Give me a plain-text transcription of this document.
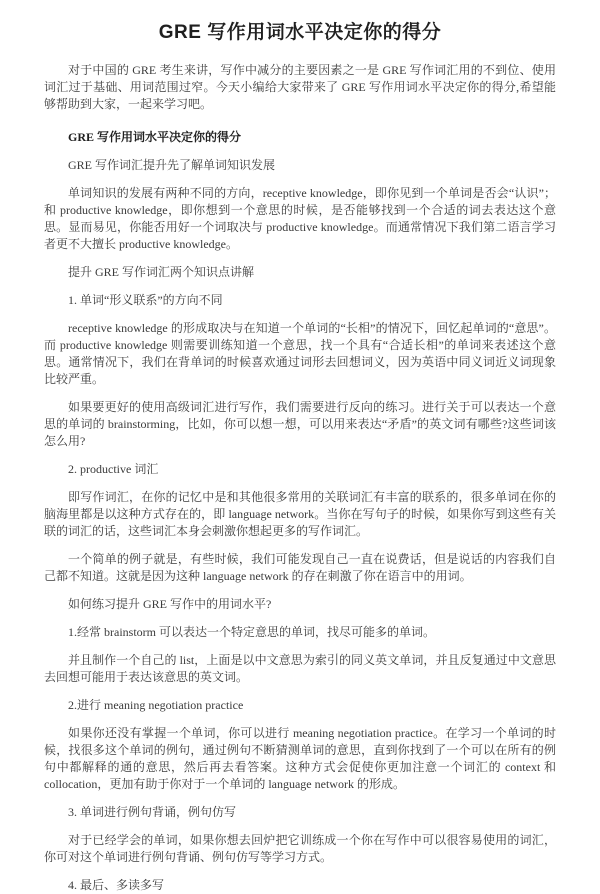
GRE 写作用词水平决定你的得分

对于中国的 GRE 考生来讲，写作中减分的主要因素之一是 GRE 写作词汇用的不到位、使用词汇过于基础、用词范围过窄。今天小编给大家带来了 GRE 写作用词水平决定你的得分,希望能够帮助到大家，一起来学习吧。

GRE 写作用词水平决定你的得分

GRE 写作词汇提升先了解单词知识发展

单词知识的发展有两种不同的方向，receptive knowledge，即你见到一个单词是否会“认识”；和 productive knowledge，即你想到一个意思的时候，是否能够找到一个合适的词去表达这个意思。显而易见，你能否用好一个词取决与 productive knowledge。而通常情况下我们第二语言学习者更不大擅长 productive knowledge。

提升 GRE 写作词汇两个知识点讲解

1. 单词“形义联系”的方向不同

receptive knowledge 的形成取决与在知道一个单词的“长相”的情况下，回忆起单词的“意思”。而 productive knowledge 则需要训练知道一个意思，找一个具有“合适长相”的单词来表述这个意思。通常情况下，我们在背单词的时候喜欢通过词形去回想词义，因为英语中同义词近义词现象比较严重。

如果要更好的使用高级词汇进行写作，我们需要进行反向的练习。进行关于可以表达一个意思的单词的 brainstorming，比如，你可以想一想，可以用来表达“矛盾”的英文词有哪些?这些词该怎么用?

2. productive 词汇

即写作词汇，在你的记忆中是和其他很多常用的关联词汇有丰富的联系的，很多单词在你的脑海里都是以这种方式存在的，即 language network。当你在写句子的时候，如果你写到这些有关联的词汇的话，这些词汇本身会刺激你想起更多的写作词汇。

一个简单的例子就是，有些时候，我们可能发现自己一直在说费话，但是说话的内容我们自己都不知道。这就是因为这种 language network 的存在刺激了你在语言中的用词。

如何练习提升 GRE 写作中的用词水平?

1.经常 brainstorm 可以表达一个特定意思的单词，找尽可能多的单词。

并且制作一个自己的 list，上面是以中文意思为索引的同义英文单词，并且反复通过中文意思去回想可能用于表达该意思的英文词。

2.进行 meaning negotiation practice

如果你还没有掌握一个单词，你可以进行 meaning negotiation practice。在学习一个单词的时候，找很多这个单词的例句，通过例句不断猜测单词的意思，直到你找到了一个可以在所有的例句中都解释的通的意思，然后再去看答案。这种方式会促使你更加注意一个词汇的 context 和 collocation，更加有助于你对于一个单词的 language network 的形成。

3. 单词进行例句背诵，例句仿写

对于已经学会的单词，如果你想去回炉把它训练成一个你在写作中可以很容易使用的词汇，你可对这个单词进行例句背诵、例句仿写等学习方式。

4. 最后、多读多写
